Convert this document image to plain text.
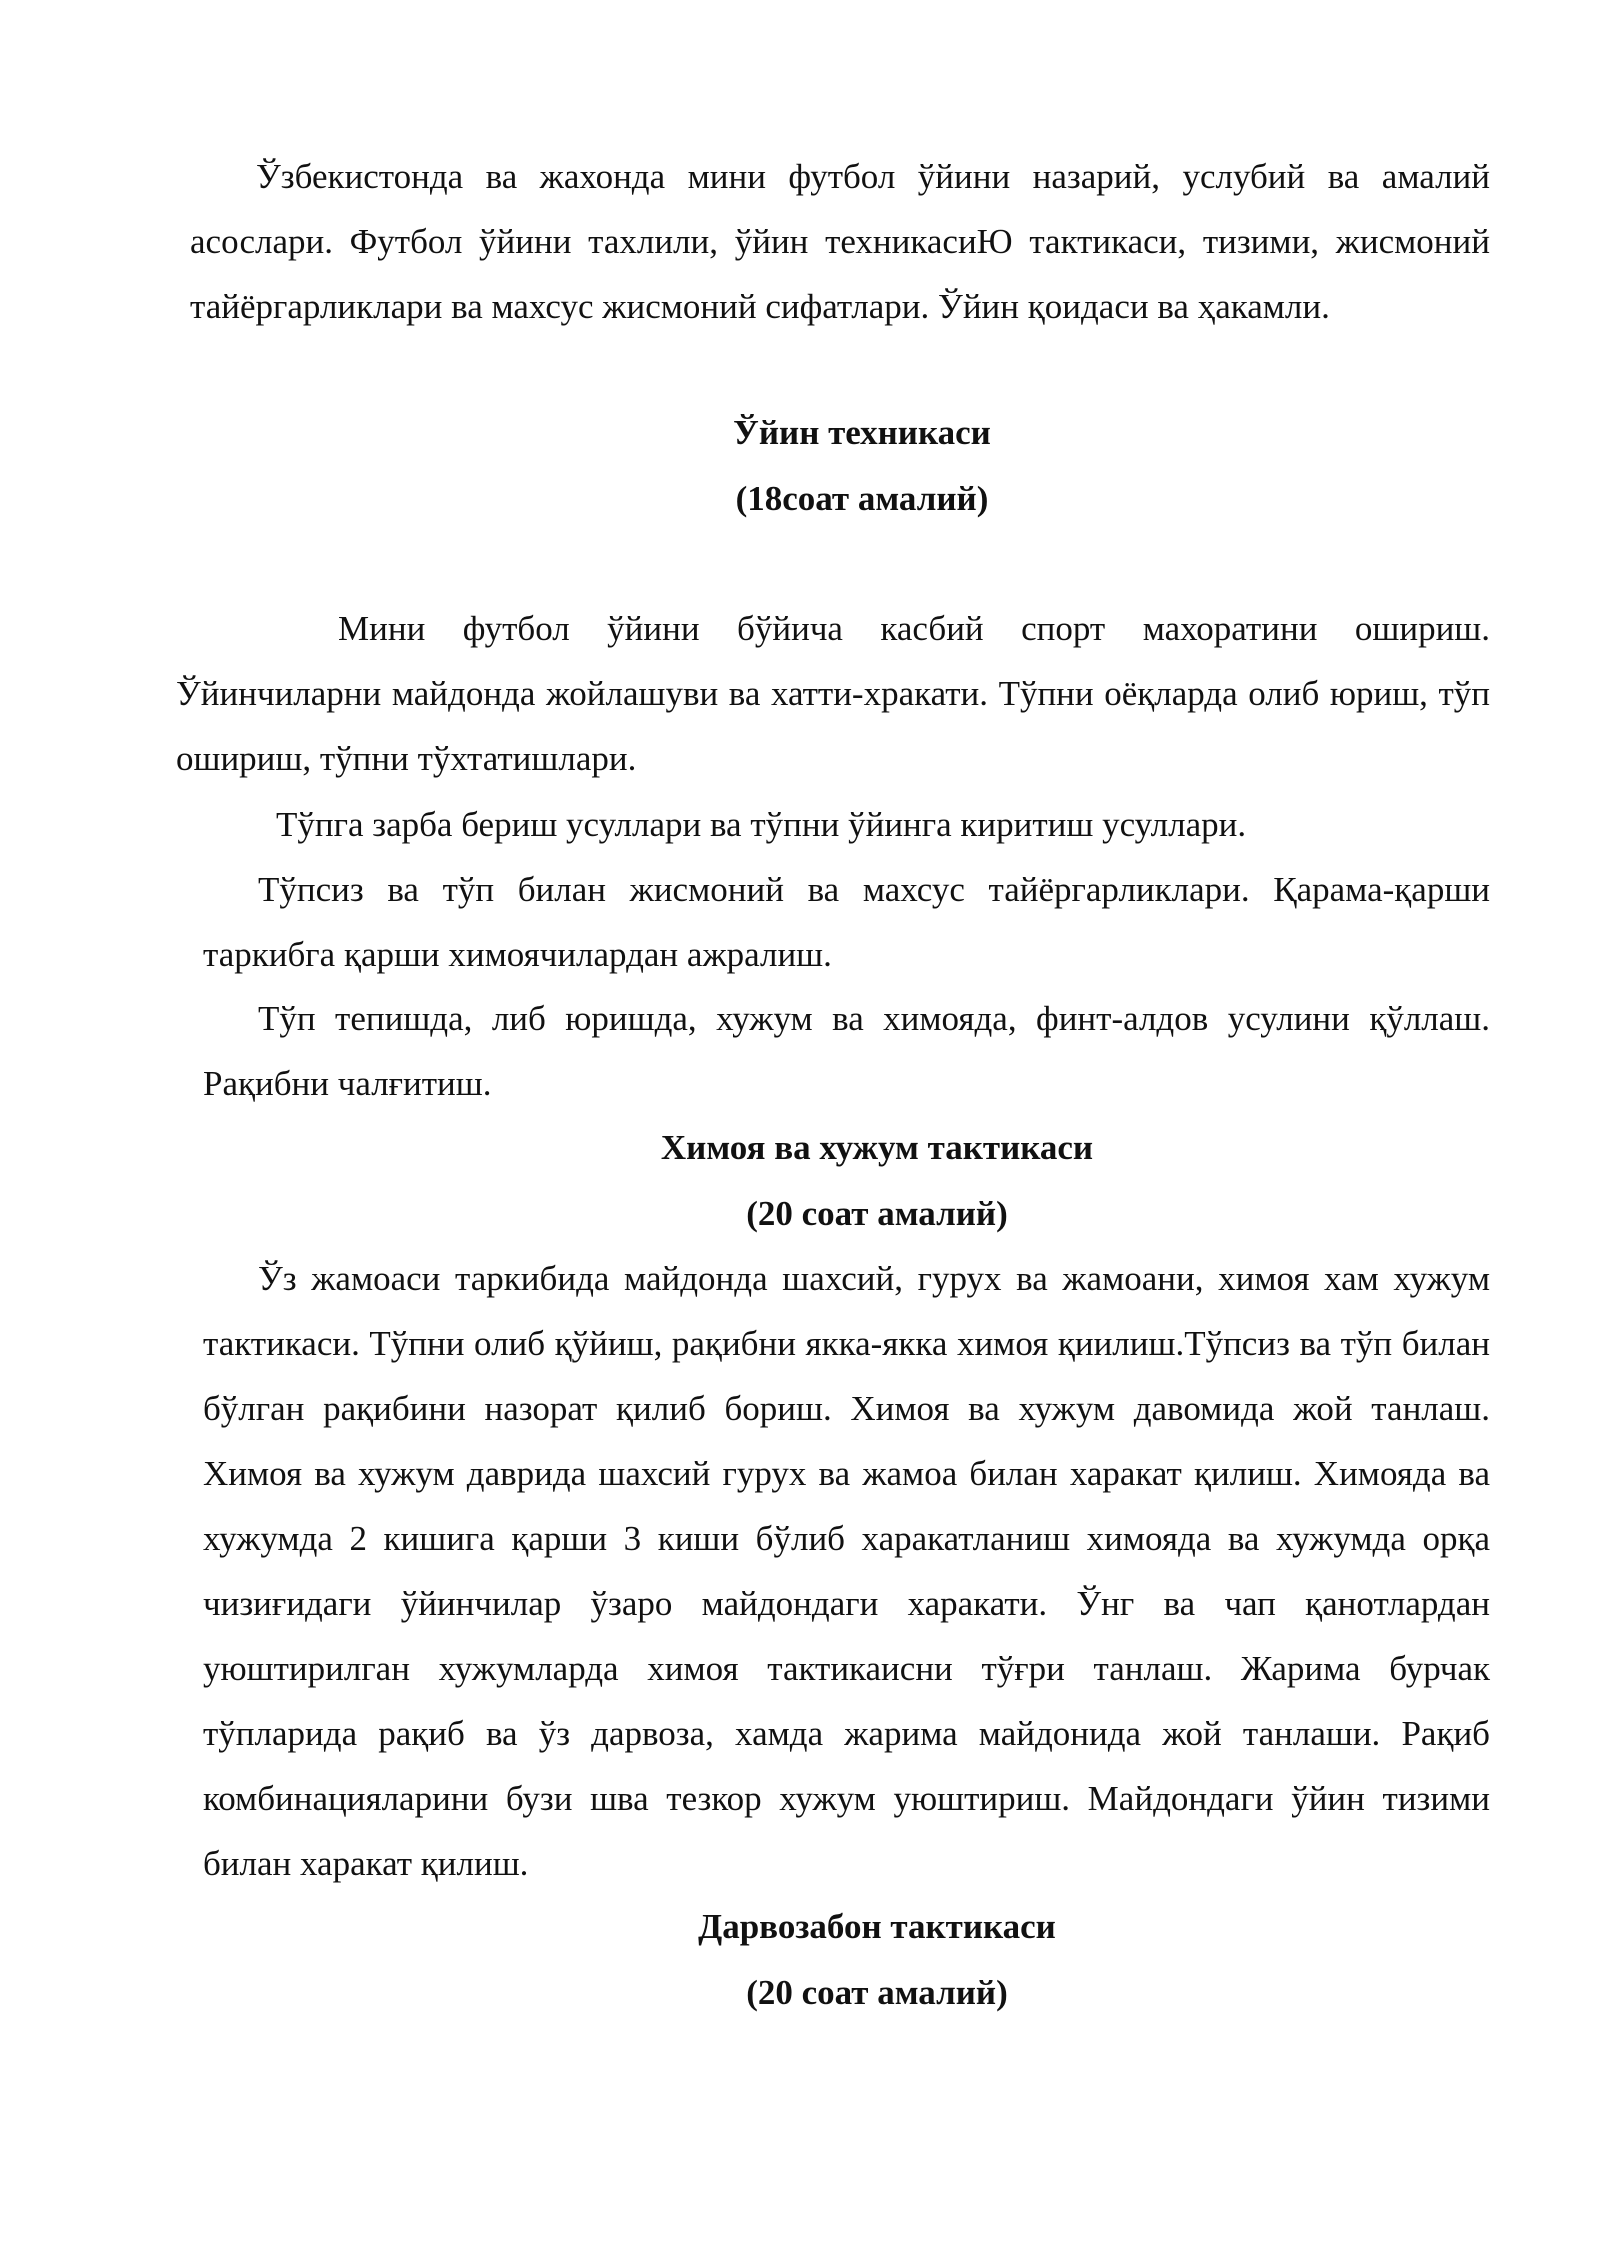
Ўзбекистонда ва жахонда мини футбол ўйини назарий, услубий ва амалий асослари. Футбол ўйини тахлили, ўйин техникасиЮ тактикаси, тизими, жисмоний тайёргарликлари ва махсус жисмоний сифатлари. Ўйин қоидаси ва ҳакамли.

Ўйин техникаси
(18соат амалий)

Мини футбол ўйини бўйича касбий спорт махоратини ошириш. Ўйинчиларни майдонда жойлашуви ва хатти-хракати. Тўпни оёқларда олиб юриш, тўп ошириш, тўпни тўхтатишлари.

Тўпга зарба бериш усуллари ва тўпни ўйинга киритиш усуллари.

Тўпсиз ва тўп билан жисмоний ва махсус тайёргарликлари. Қарама-қарши таркибга қарши химоячилардан ажралиш.

Тўп тепишда, либ юришда, хужум ва химояда, финт-алдов усулини қўллаш. Рақибни чалғитиш.

Химоя ва хужум тактикаси
(20 соат амалий)

Ўз жамоаси таркибида майдонда шахсий, гурух ва жамоани, химоя хам хужум тактикаси. Тўпни олиб қўйиш, рақибни якка-якка химоя қиилиш.Тўпсиз ва тўп билан бўлган рақибини назорат қилиб бориш. Химоя ва хужум давомида жой танлаш. Химоя ва хужум даврида шахсий гурух ва жамоа билан харакат қилиш. Химояда ва хужумда 2 кишига қарши 3 киши бўлиб харакатланиш химояда ва хужумда орқа чизиғидаги ўйинчилар ўзаро майдондаги харакати. Ўнг ва чап қанотлардан уюштирилган хужумларда химоя тактикаисни тўғри танлаш. Жарима бурчак тўпларида рақиб ва ўз дарвоза, хамда жарима майдонида жой танлаши. Рақиб комбинацияларини бузи шва тезкор хужум уюштириш. Майдондаги ўйин тизими билан харакат қилиш.

Дарвозабон тактикаси
(20 соат амалий)
